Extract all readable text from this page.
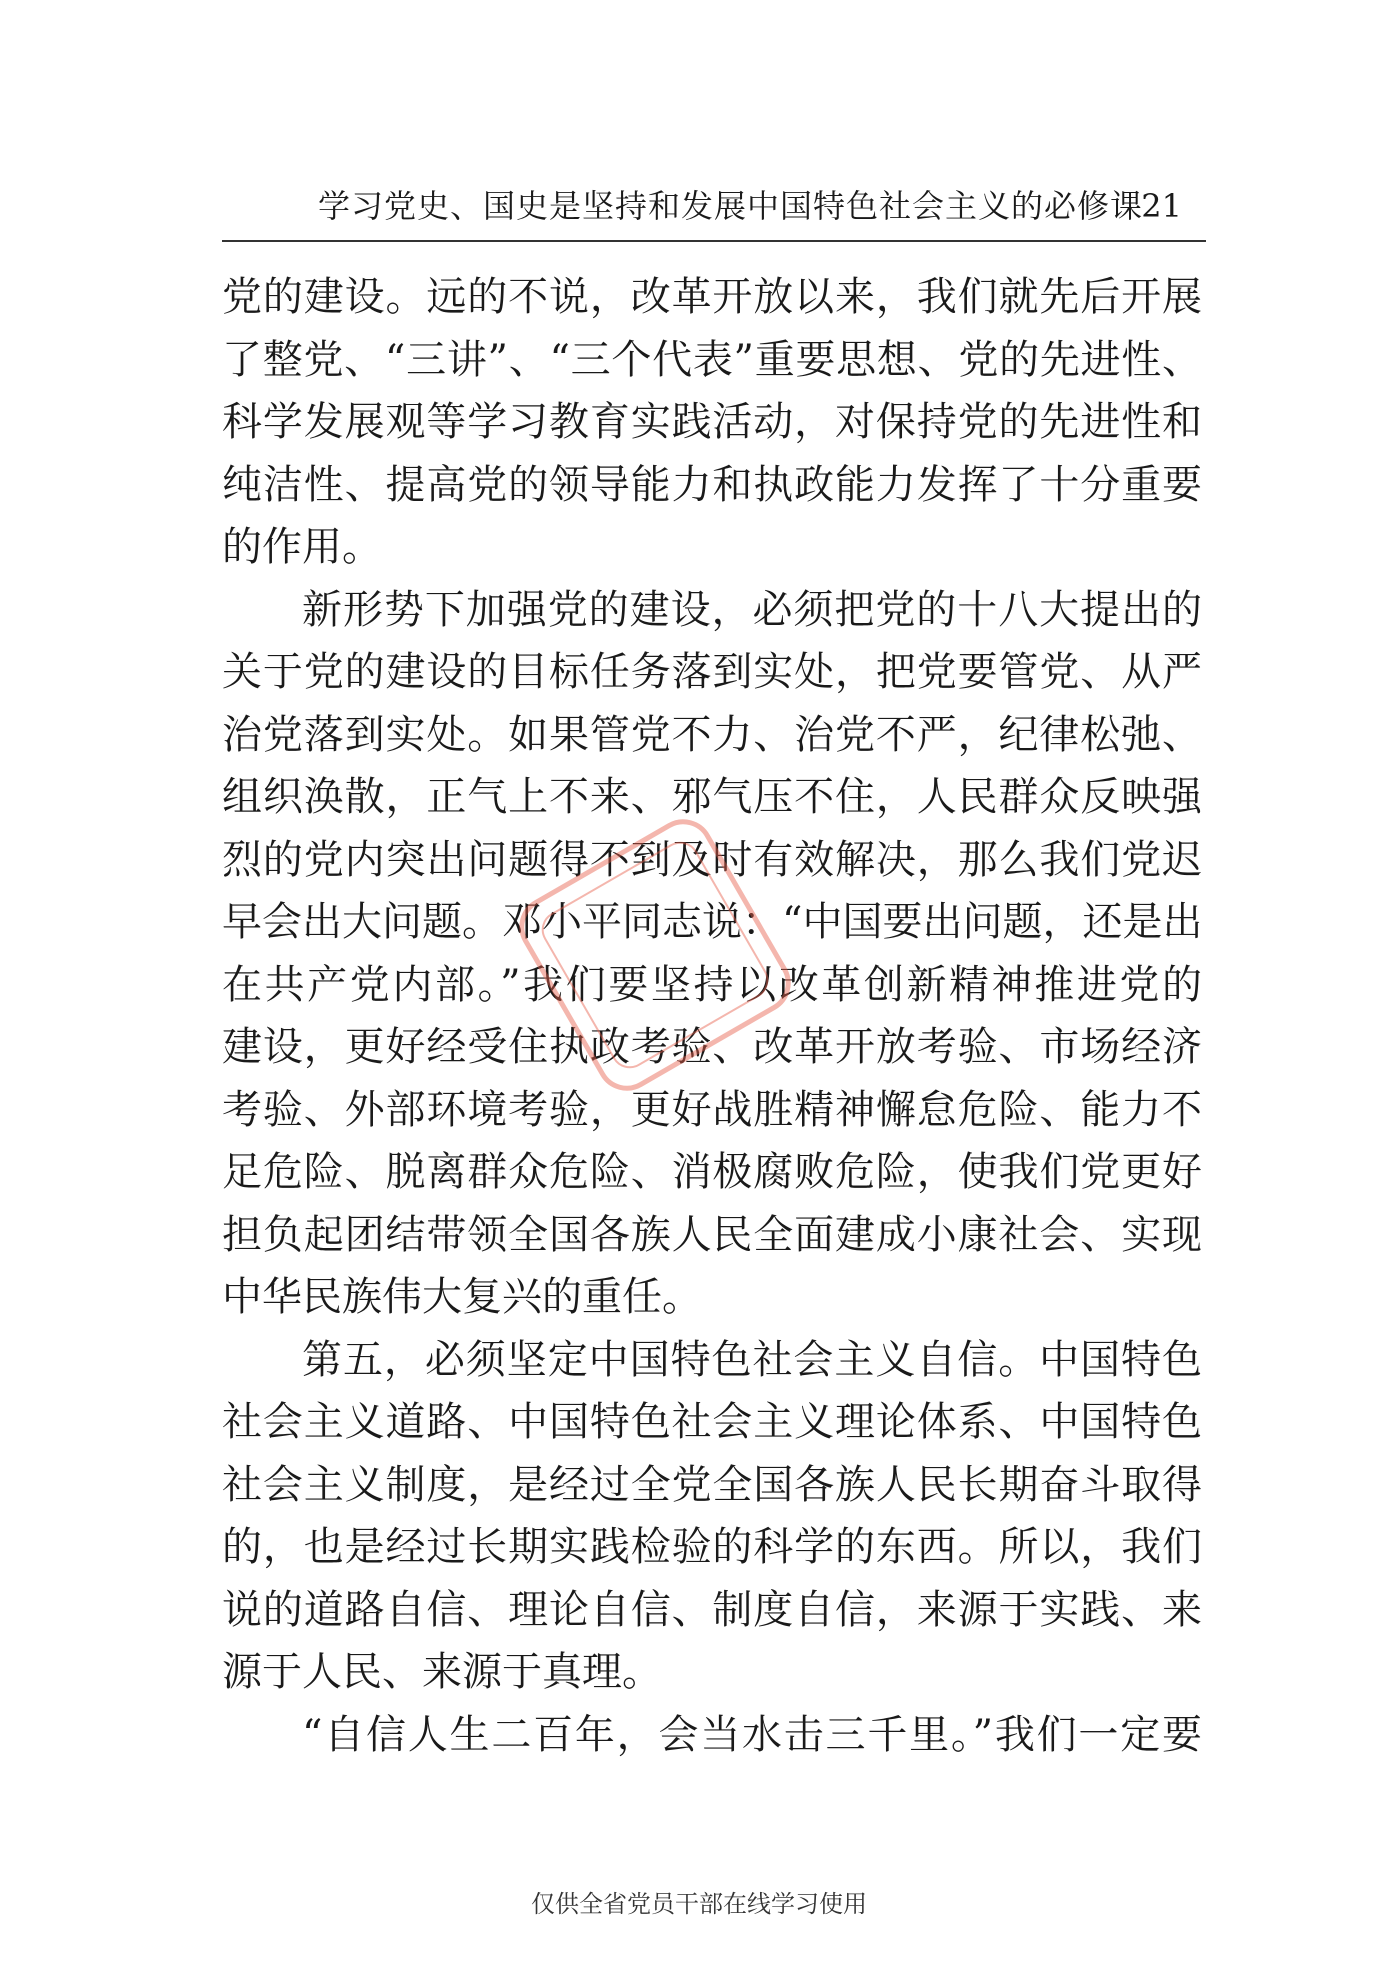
学习党史、国史是坚持和发展中国特色社会主义的必修课
21
党的建设。远的不说，改革开放以来，我们就先后开展
了整党、“三讲”、“三个代表”重要思想、党的先进性、
科学发展观等学习教育实践活动，对保持党的先进性和
纯洁性、提高党的领导能力和执政能力发挥了十分重要
的作用。
新形势下加强党的建设，必须把党的十八大提出的
关于党的建设的目标任务落到实处，把党要管党、从严
治党落到实处。如果管党不力、治党不严，纪律松弛、
组织涣散，正气上不来、邪气压不住，人民群众反映强
烈的党内突出问题得不到及时有效解决，那么我们党迟
早会出大问题。邓小平同志说：“中国要出问题，还是出
在共产党内部。”我们要坚持以改革创新精神推进党的
建设，更好经受住执政考验、改革开放考验、市场经济
考验、外部环境考验，更好战胜精神懈怠危险、能力不
足危险、脱离群众危险、消极腐败危险，使我们党更好
担负起团结带领全国各族人民全面建成小康社会、实现
中华民族伟大复兴的重任。
第五，必须坚定中国特色社会主义自信。中国特色
社会主义道路、中国特色社会主义理论体系、中国特色
社会主义制度，是经过全党全国各族人民长期奋斗取得
的，也是经过长期实践检验的科学的东西。所以，我们
说的道路自信、理论自信、制度自信，来源于实践、来
源于人民、来源于真理。
“自信人生二百年，会当水击三千里。”我们一定要
仅供全省党员干部在线学习使用
